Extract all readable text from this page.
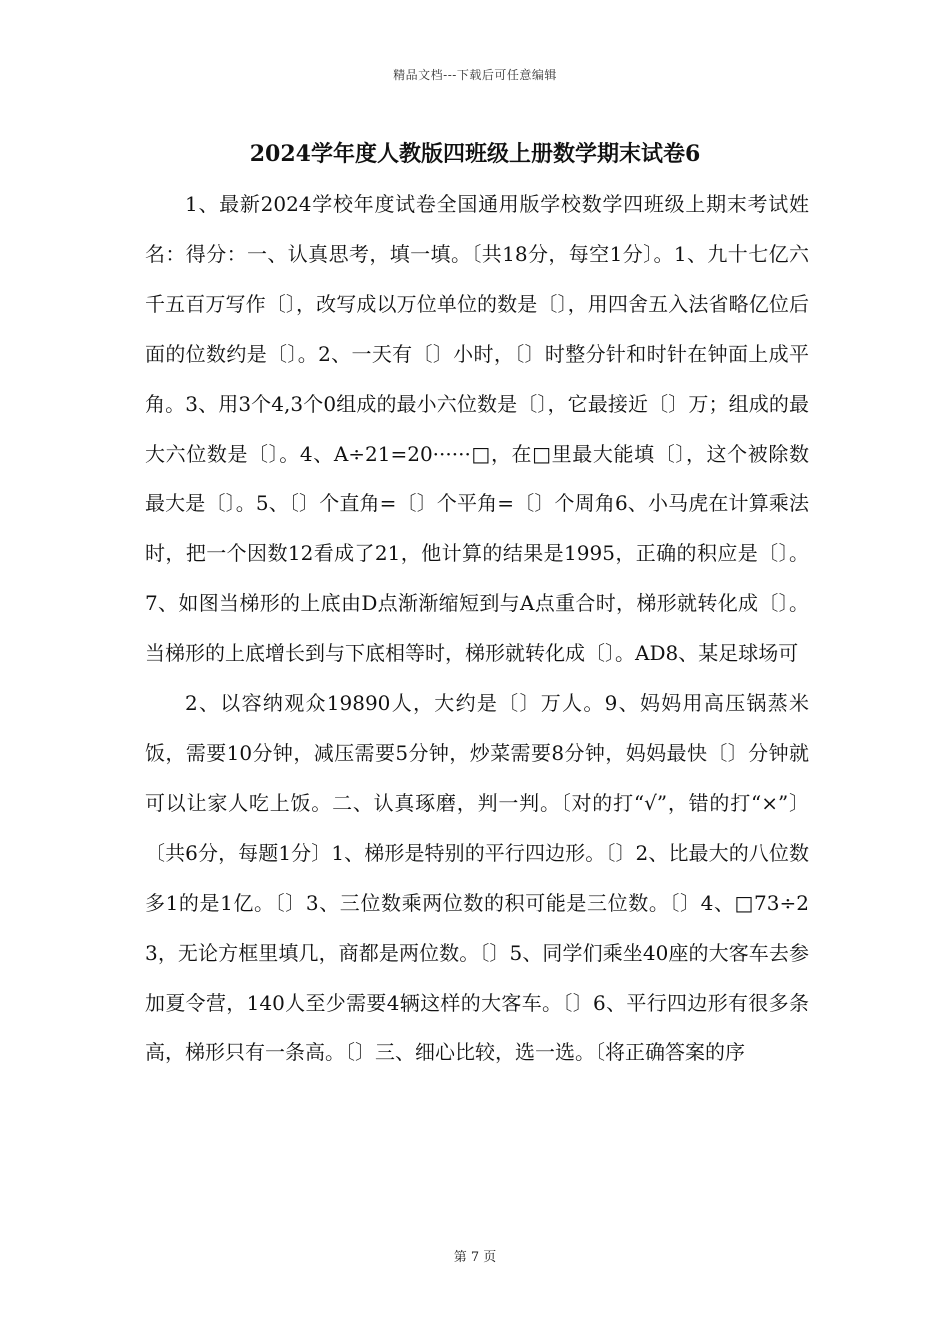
精品文档---下载后可任意编辑
2024学年度人教版四班级上册数学期末试卷6

1、最新2024学校年度试卷全国通用版学校数学四班级上期末考试姓名：得分：一、认真思考，填一填。〔共18分，每空1分〕。1、九十七亿六千五百万写作〔〕，改写成以万位单位的数是〔〕，用四舍五入法省略亿位后面的位数约是〔〕。2、一天有〔〕小时，〔〕时整分针和时针在钟面上成平角。3、用3个4,3个0组成的最小六位数是〔〕，它最接近〔〕万；组成的最大六位数是〔〕。4、A÷21=20······□，在□里最大能填〔〕，这个被除数最大是〔〕。5、〔〕个直角=〔〕个平角=〔〕个周角6、小马虎在计算乘法时，把一个因数12看成了21，他计算的结果是1995，正确的积应是〔〕。7、如图当梯形的上底由D点渐渐缩短到与A点重合时，梯形就转化成〔〕。当梯形的上底增长到与下底相等时，梯形就转化成〔〕。AD8、某足球场可

2、以容纳观众19890人，大约是〔〕万人。9、妈妈用高压锅蒸米饭，需要10分钟，减压需要5分钟，炒菜需要8分钟，妈妈最快〔〕分钟就可以让家人吃上饭。二、认真琢磨，判一判。〔对的打“√”，错的打“×”〕〔共6分，每题1分〕1、梯形是特别的平行四边形。〔〕2、比最大的八位数多1的是1亿。〔〕3、三位数乘两位数的积可能是三位数。〔〕4、□73÷23，无论方框里填几，商都是两位数。〔〕5、同学们乘坐40座的大客车去参加夏令营，140人至少需要4辆这样的大客车。〔〕6、平行四边形有很多条高，梯形只有一条高。〔〕三、细心比较，选一选。〔将正确答案的序

第 7 页
